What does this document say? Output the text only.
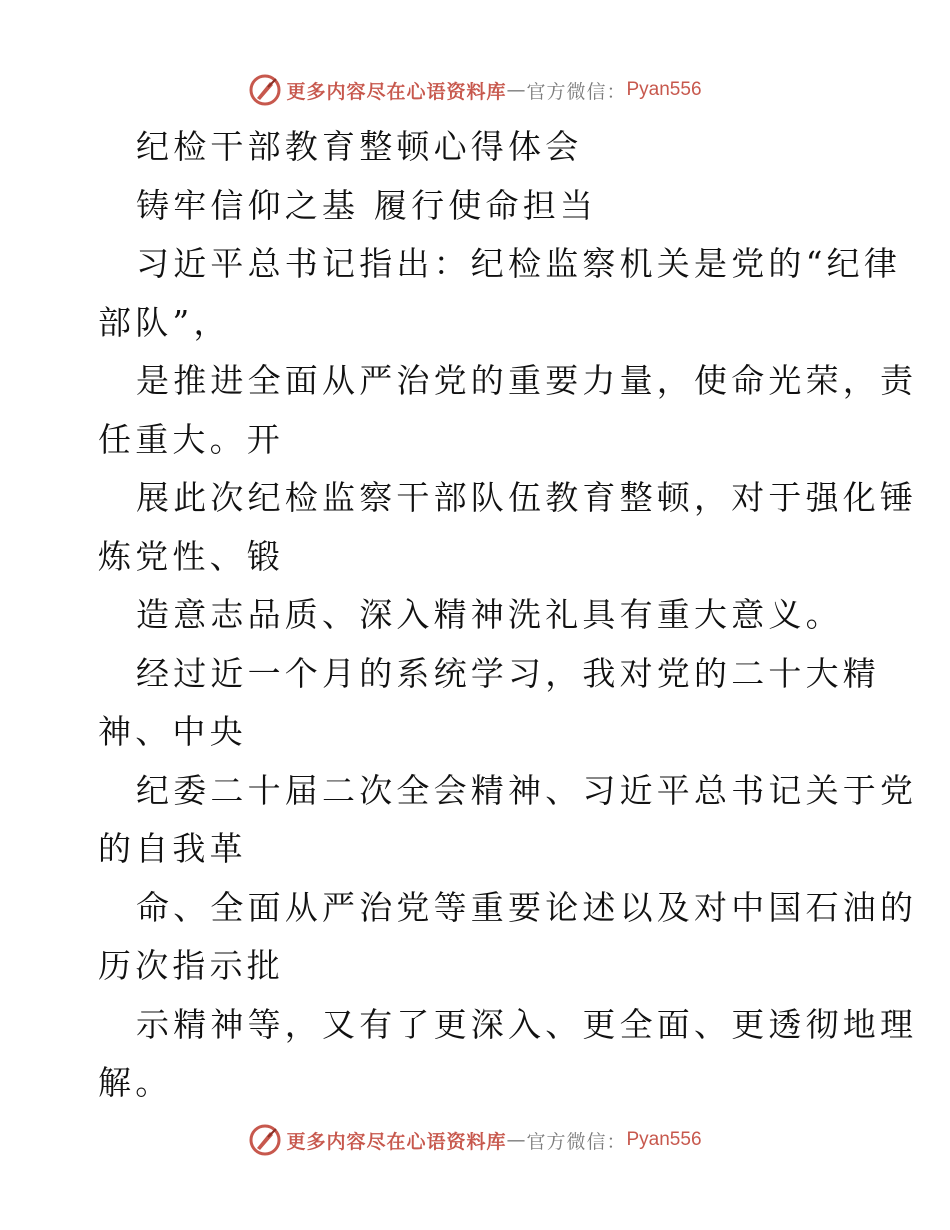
更多内容尽在心语资料库 — 官方微信： Pyan556
纪检干部教育整顿心得体会
铸牢信仰之基 履行使命担当
习近平总书记指出：纪检监察机关是党的“纪律
部队”，
是推进全面从严治党的重要力量，使命光荣，责
任重大。开
展此次纪检监察干部队伍教育整顿，对于强化锤
炼党性、锻
造意志品质、深入精神洗礼具有重大意义。
经过近一个月的系统学习，我对党的二十大精
神、中央
纪委二十届二次全会精神、习近平总书记关于党
的自我革
命、全面从严治党等重要论述以及对中国石油的
历次指示批
示精神等，又有了更深入、更全面、更透彻地理
解。
更多内容尽在心语资料库 — 官方微信： Pyan556
